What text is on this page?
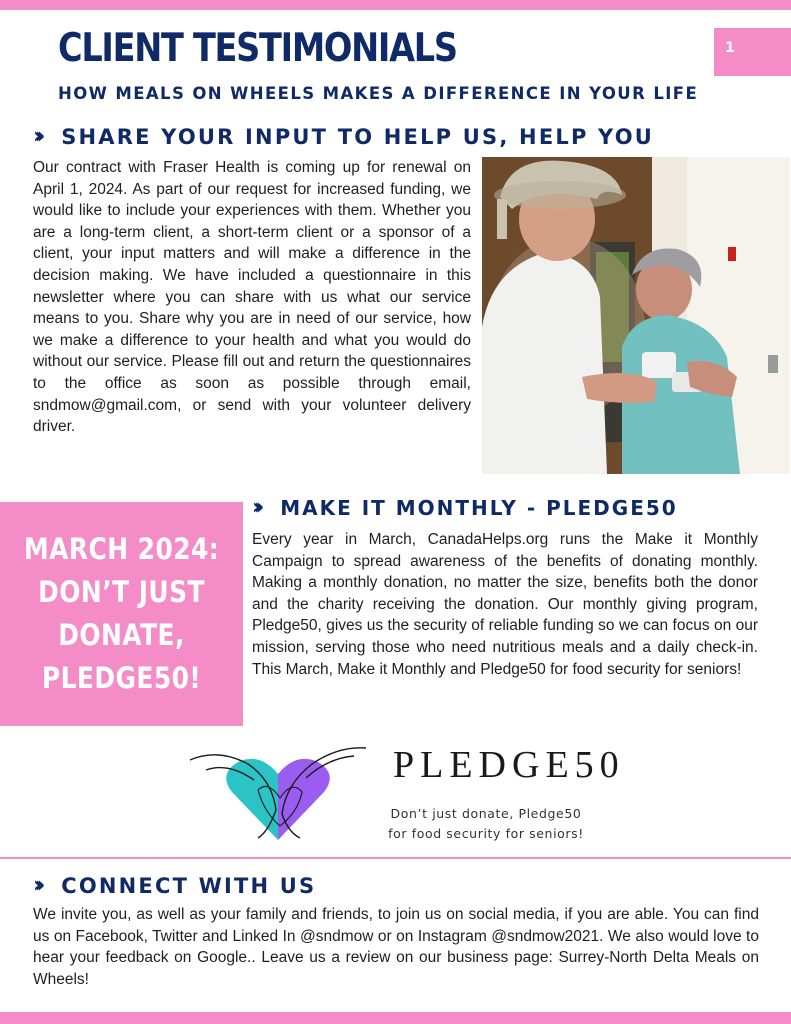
CLIENT TESTIMONIALS
HOW MEALS ON WHEELS MAKES A DIFFERENCE IN YOUR LIFE
1
››› SHARE YOUR INPUT TO HELP US, HELP YOU

Our contract with Fraser Health is coming up for renewal on April 1, 2024. As part of our request for increased funding, we would like to include your experiences with them. Whether you are a long-term client, a short-term client or a sponsor of a client, your input matters and will make a difference in the decision making. We have included a questionnaire in this newsletter where you can share with us what our service means to you. Share why you are in need of our service, how we make a difference to your health and what you would do without our service. Please fill out and return the questionnaires to the office as soon as possible through email, sndmow@gmail.com, or send with your volunteer delivery driver.

MARCH 2024:
DON’T JUST
DONATE,
PLEDGE50!
››› MAKE IT MONTHLY - PLEDGE50

Every year in March, CanadaHelps.org runs the Make it Monthly Campaign to spread awareness of the benefits of donating monthly. Making a monthly donation, no matter the size, benefits both the donor and the charity receiving the donation. Our monthly giving program, Pledge50, gives us the security of reliable funding so we can focus on our mission, serving those who need nutritious meals and a daily check-in. This March, Make it Monthly and Pledge50 for food security for seniors!

PLEDGE50
Don’t just donate, Pledge50
for food security for seniors!
››› CONNECT WITH US

We invite you, as well as your family and friends, to join us on social media, if you are able. You can find us on Facebook, Twitter and Linked In @sndmow or on Instagram @sndmow2021. We also would love to hear your feedback on Google.. Leave us a review on our business page: Surrey-North Delta Meals on Wheels!
